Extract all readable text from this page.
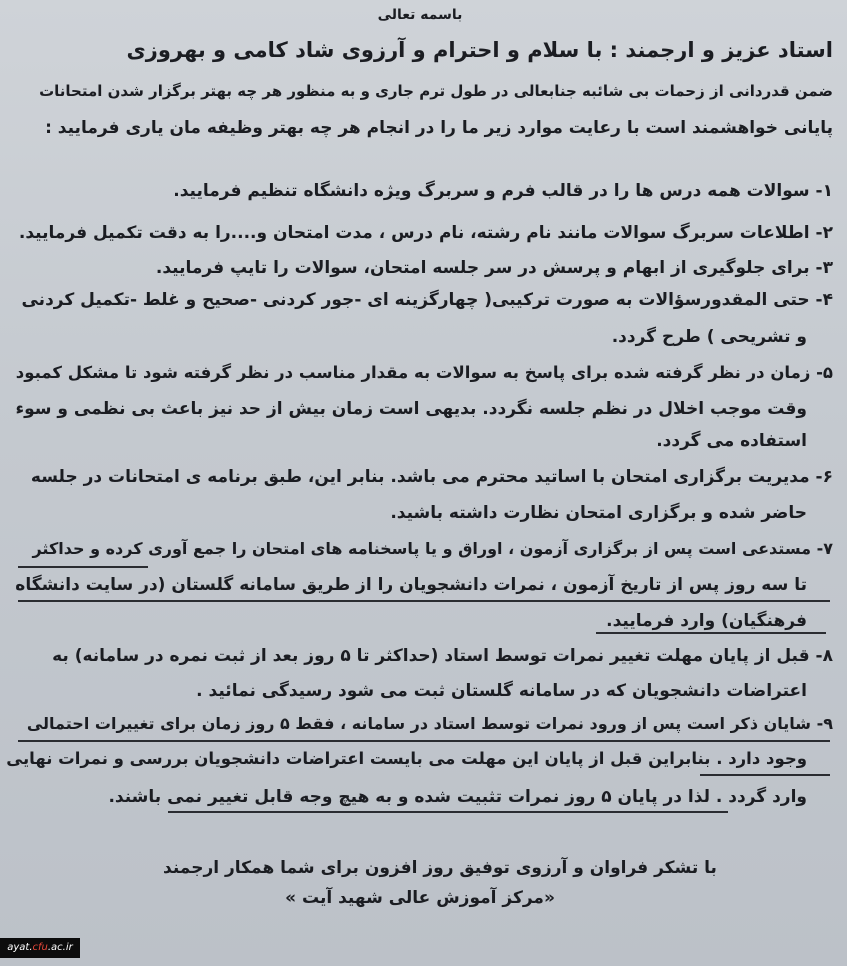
باسمه تعالی
استاد عزیز و ارجمند : با سلام و احترام و آرزوی شاد کامی و بهروزی
ضمن قدردانی از زحمات بی شائبه جنابعالی در طول ترم جاری و به منظور هر چه بهتر برگزار شدن امتحانات
پایانی خواهشمند است با رعایت موارد زیر ما را در انجام هر چه بهتر وظیفه مان یاری فرمایید :
۱- سوالات همه درس ها را در قالب فرم و سربرگ ویژه دانشگاه تنظیم فرمایید.
۲- اطلاعات سربرگ سوالات مانند نام رشته، نام درس ، مدت امتحان و....را به دقت تکمیل فرمایید.
۳- برای جلوگیری از ابهام و پرسش در سر جلسه امتحان، سوالات را تایپ فرمایید.
۴- حتی المقدورسؤالات به صورت ترکیبی( چهارگزینه ای -جور کردنی -صحیح و غلط -تکمیل کردنی
و تشریحی ) طرح گردد.
۵- زمان در نظر گرفته شده برای پاسخ به سوالات به مقدار مناسب در نظر گرفته شود تا مشکل کمبود
وقت موجب اخلال در نظم جلسه نگردد. بدیهی است زمان بیش از حد نیز باعث بی نظمی و سوء
استفاده می گردد.
۶- مدیریت برگزاری امتحان با اساتید محترم می باشد. بنابر این، طبق برنامه ی امتحانات در جلسه
حاضر شده و برگزاری امتحان نظارت داشته باشید.
۷- مستدعی است پس از برگزاری آزمون ، اوراق و یا پاسخنامه های امتحان را جمع آوری کرده و حداکثر
تا سه روز پس از تاریخ آزمون ، نمرات دانشجویان را از طریق سامانه گلستان (در سایت دانشگاه
فرهنگیان) وارد فرمایید.
۸- قبل از پایان مهلت تغییر نمرات توسط استاد (حداکثر تا ۵ روز بعد از ثبت نمره در سامانه) به
اعتراضات دانشجویان که در سامانه گلستان ثبت می شود رسیدگی نمائید .
۹- شایان ذکر است پس از ورود نمرات توسط استاد در سامانه ، فقط ۵ روز زمان برای تغییرات احتمالی
وجود دارد . بنابراین قبل از پایان این مهلت می بایست اعتراضات دانشجویان بررسی و نمرات نهایی
وارد گردد . لذا در پایان ۵ روز نمرات تثبیت شده و به هیچ وجه قابل تغییر نمی باشند.
با تشکر فراوان و آرزوی توفیق روز افزون برای شما همکار ارجمند
«مرکز آموزش عالی شهید آیت »
ayat.cfu.ac.ir
